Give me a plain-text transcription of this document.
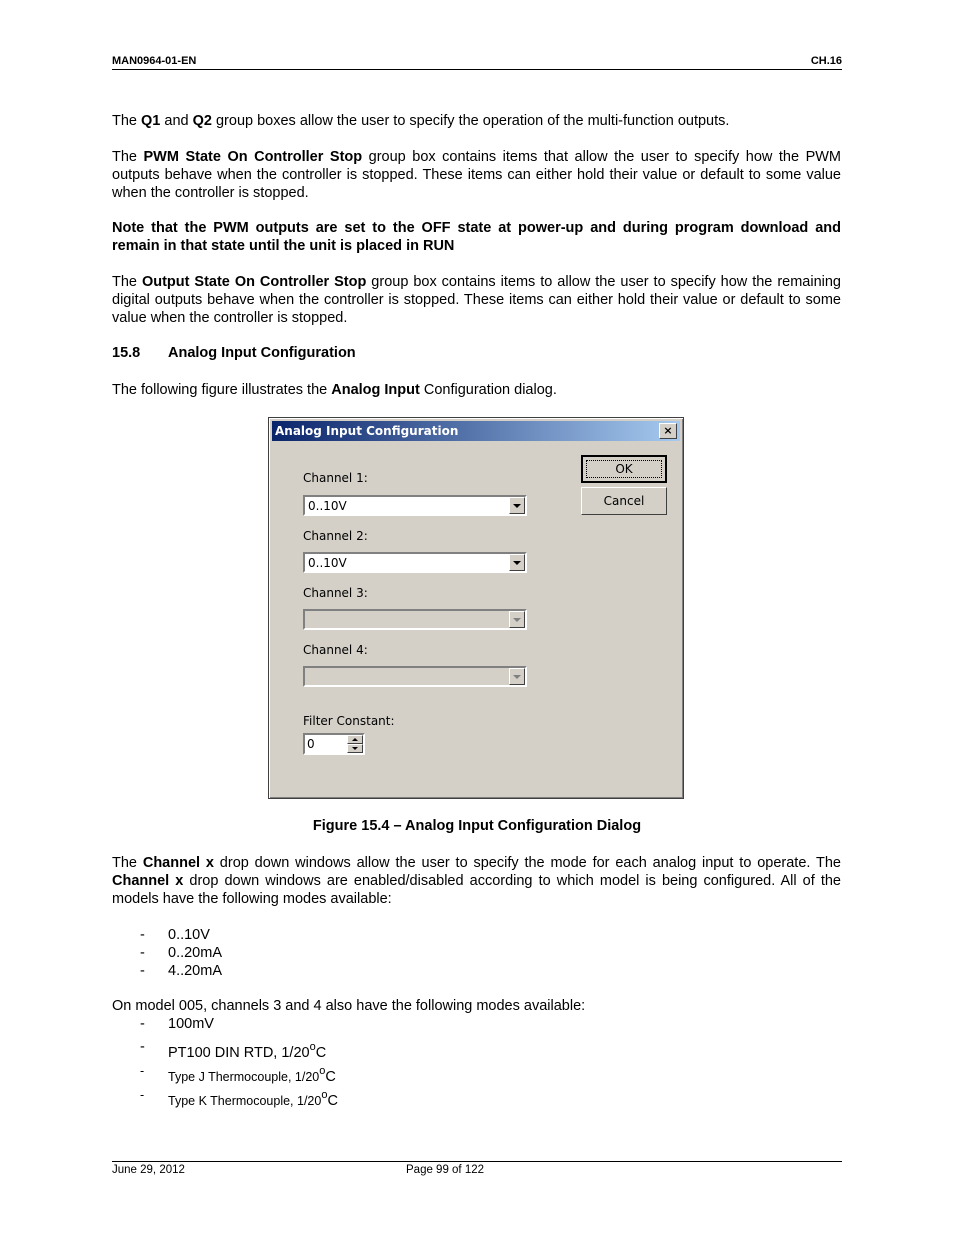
MAN0964-01-EN	CH.16
The Q1 and Q2 group boxes allow the user to specify the operation of the multi-function outputs.
The PWM State On Controller Stop group box contains items that allow the user to specify how the PWM outputs behave when the controller is stopped. These items can either hold their value or default to some value when the controller is stopped.
Note that the PWM outputs are set to the OFF state at power-up and during program download and remain in that state until the unit is placed in RUN
The Output State On Controller Stop group box contains items to allow the user to specify how the remaining digital outputs behave when the controller is stopped. These items can either hold their value or default to some value when the controller is stopped.
15.8 Analog Input Configuration
The following figure illustrates the Analog Input Configuration dialog.
Analog Input Configuration	×
Channel 1:
0..10V
Channel 2:
0..10V
Channel 3:
Channel 4:
Filter Constant:
0
OK
Cancel
Figure 15.4 – Analog Input Configuration Dialog
The Channel x drop down windows allow the user to specify the mode for each analog input to operate. The Channel x drop down windows are enabled/disabled according to which model is being configured. All of the models have the following modes available:
- 0..10V
- 0..20mA
- 4..20mA
On model 005, channels 3 and 4 also have the following modes available:
- 100mV
- PT100 DIN RTD, 1/20$^o$C
- Type J Thermocouple, 1/20$^o$C
- Type K Thermocouple, 1/20$^o$C
June 29, 2012	Page 99 of 122
